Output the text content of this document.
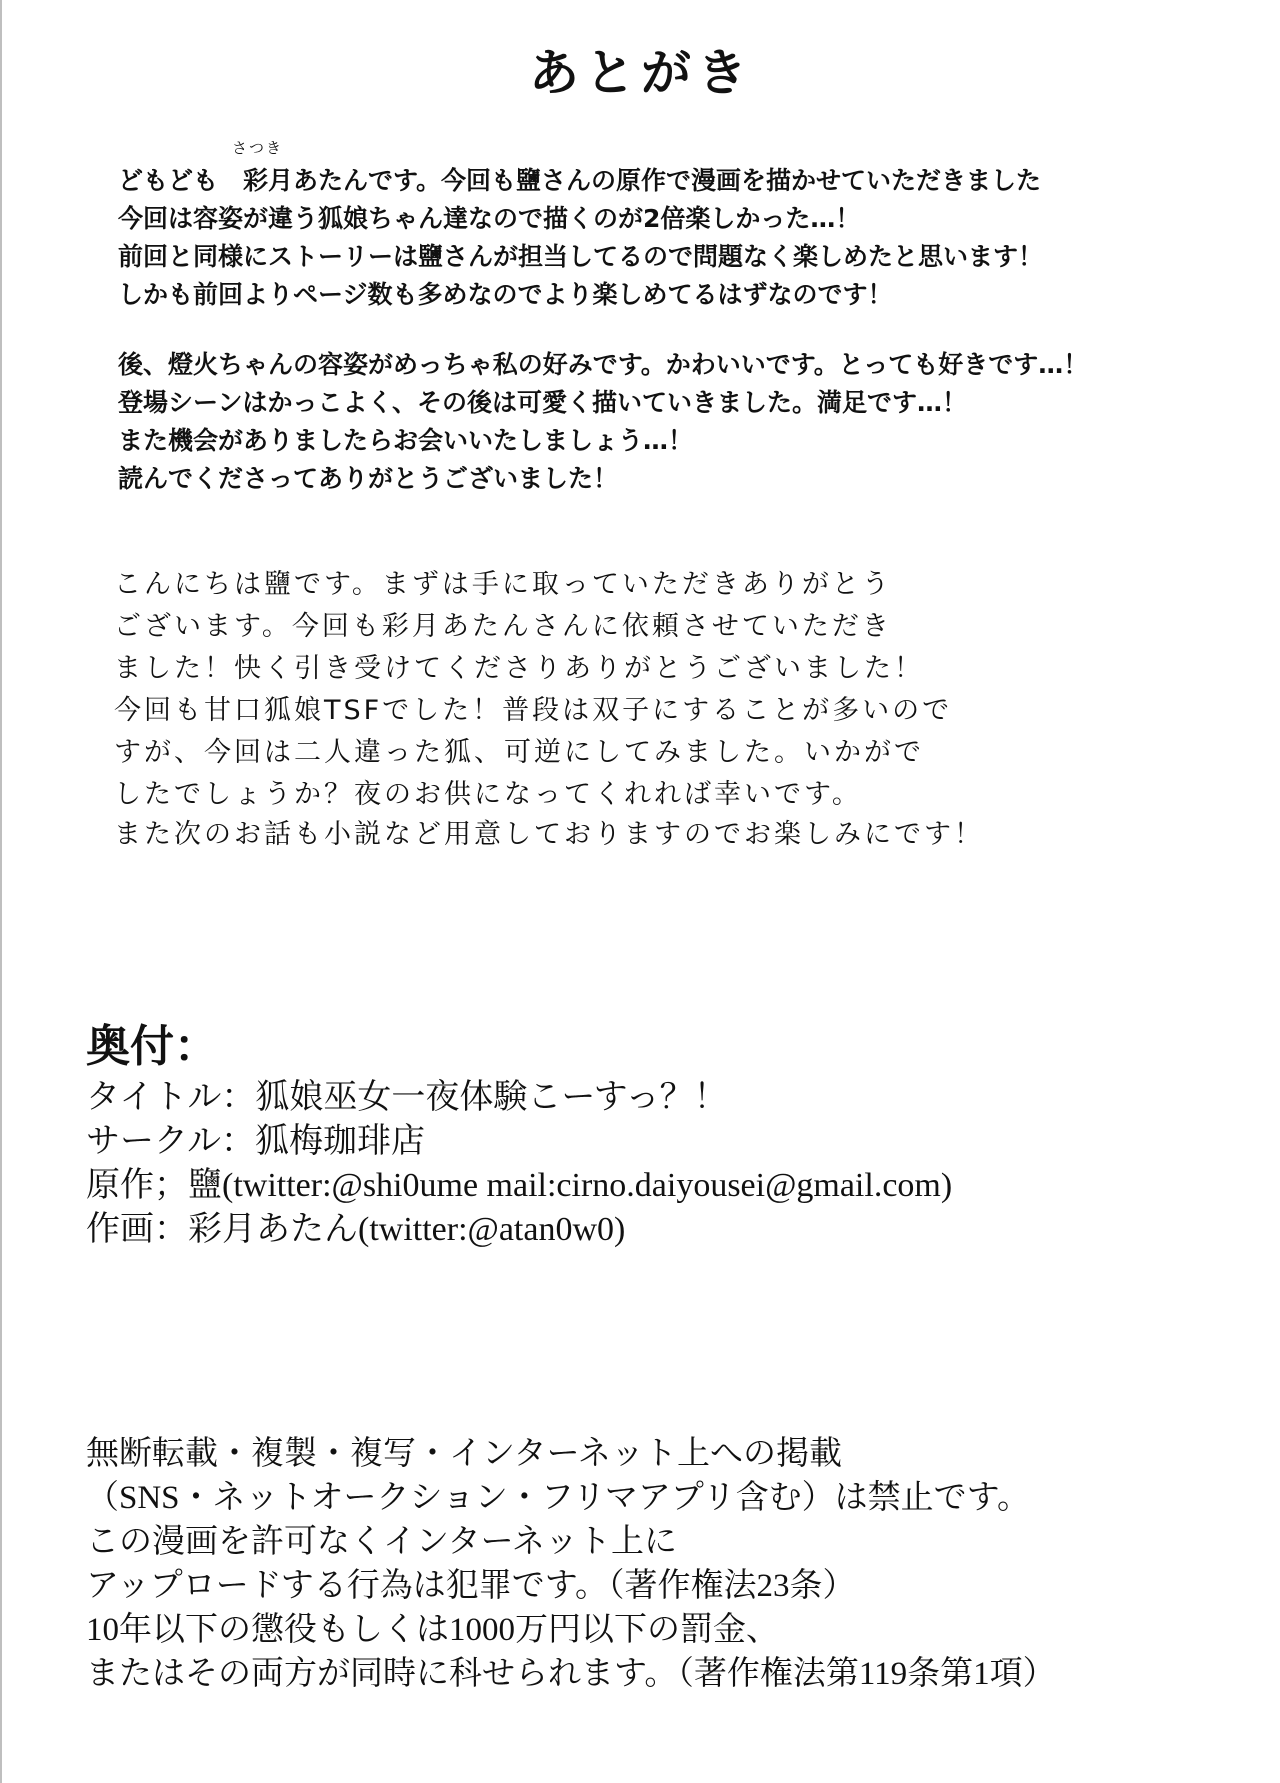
あとがき
さつき
どもども　彩月あたんです。今回も鹽さんの原作で漫画を描かせていただきました
今回は容姿が違う狐娘ちゃん達なので描くのが2倍楽しかった…！
前回と同様にストーリーは鹽さんが担当してるので問題なく楽しめたと思います！
しかも前回よりページ数も多めなのでより楽しめてるはずなのです！
後、燈火ちゃんの容姿がめっちゃ私の好みです。かわいいです。とっても好きです…！
登場シーンはかっこよく、その後は可愛く描いていきました。満足です…！
また機会がありましたらお会いいたしましょう…！
読んでくださってありがとうございました！
こんにちは鹽です。まずは手に取っていただきありがとう
ございます。今回も彩月あたんさんに依頼させていただき
ました！快く引き受けてくださりありがとうございました！
今回も甘口狐娘TSFでした！普段は双子にすることが多いので
すが、今回は二人違った狐、可逆にしてみました。いかがで
したでしょうか？夜のお供になってくれれば幸いです。
また次のお話も小説など用意しておりますのでお楽しみにです！
奥付：
タイトル：狐娘巫女一夜体験こーすっ？！
サークル：狐梅珈琲店
原作；鹽(twitter:@shi0ume mail:cirno.daiyousei@gmail.com)
作画：彩月あたん(twitter:@atan0w0)
無断転載・複製・複写・インターネット上への掲載
（SNS・ネットオークション・フリマアプリ含む）は禁止です。
この漫画を許可なくインターネット上に
アップロードする行為は犯罪です。（著作権法23条）
10年以下の懲役もしくは1000万円以下の罰金、
またはその両方が同時に科せられます。（著作権法第119条第1項）
